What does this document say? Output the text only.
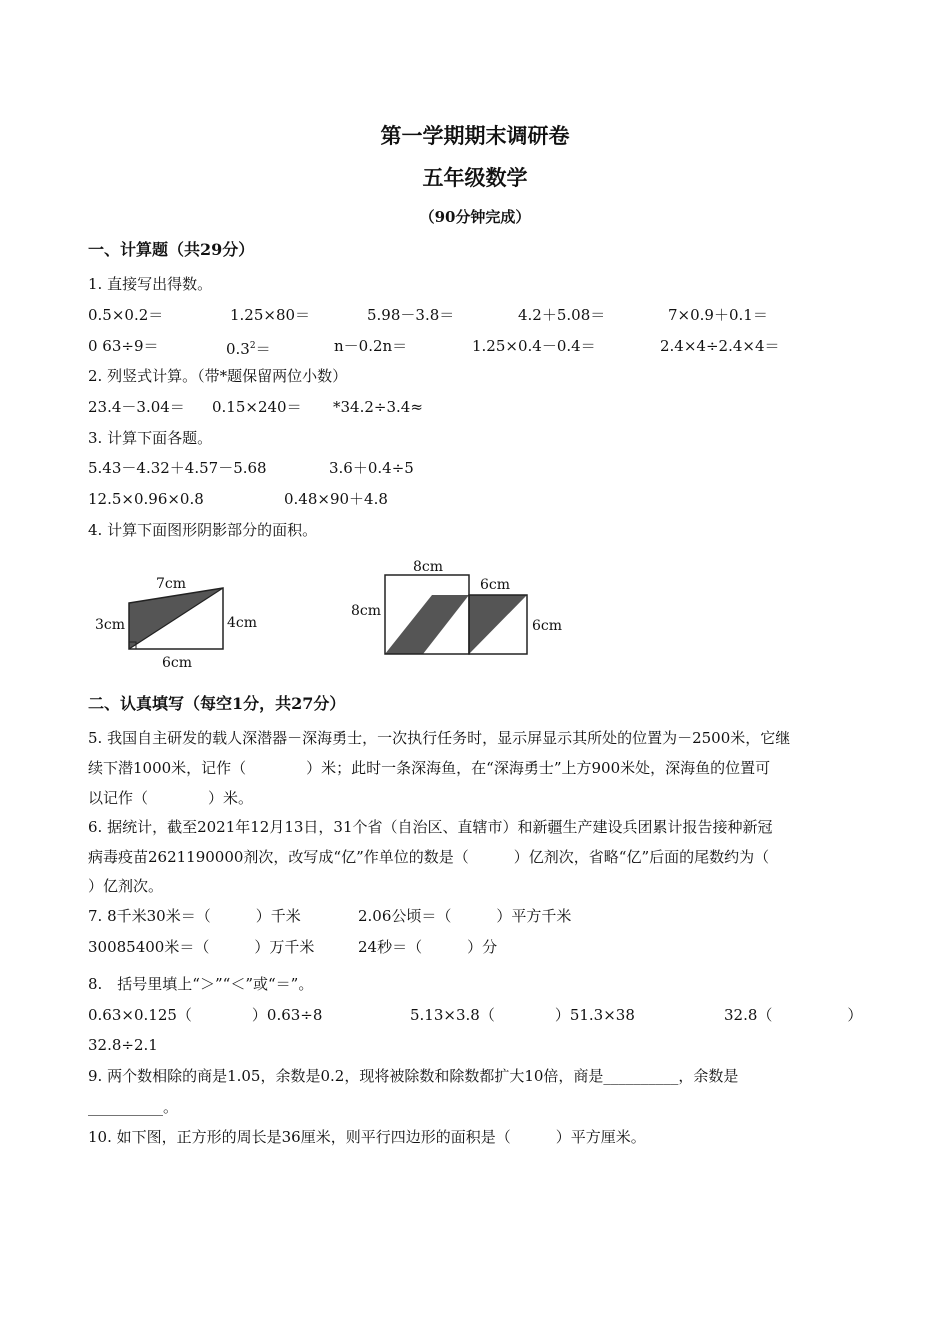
第一学期期末调研卷
五年级数学
（90分钟完成）
一、计算题（共29分）
1. 直接写出得数。
0.5×0.2＝	1.25×80＝	5.98－3.8＝	4.2＋5.08＝	7×0.9＋0.1＝
0 63÷9＝	$0.3^2=$	n－0.2n＝	1.25×0.4－0.4＝	2.4×4÷2.4×4＝
2. 列竖式计算。（带*题保留两位小数）
23.4－3.04＝ 0.15×240＝ *34.2÷3.4≈
3. 计算下面各题。
5.43－4.32＋4.57－5.68	3.6＋0.4÷5
12.5×0.96×0.8	0.48×90＋4.8
4. 计算下面图形阴影部分的面积。
7cm
3cm	4cm
6cm
8cm
8cm
6cm
6cm
二、认真填写（每空1分，共27分）
5. 我国自主研发的载人深潜器－深海勇士，一次执行任务时，显示屏显示其所处的位置为－2500米，它继
续下潜1000米，记作（　　　　）米；此时一条深海鱼，在“深海勇士”上方900米处，深海鱼的位置可
以记作（　　　　）米。
6. 据统计，截至2021年12月13日，31个省（自治区、直辖市）和新疆生产建设兵团累计报告接种新冠
病毒疫苗2621190000剂次，改写成“亿”作单位的数是（　　　）亿剂次，省略“亿”后面的尾数约为（
）亿剂次。
7. 8千米30米＝（　　　）千米	2.06公顷＝（　　　）平方千米
30085400米＝（　　　）万千米	24秒＝（　　　）分
8.　括号里填上“＞”“＜”或“＝”。
0.63×0.125（　　　　）0.63÷8	5.13×3.8（　　　　）51.3×38	32.8（　　　　　）
32.8÷2.1
9. 两个数相除的商是1.05，余数是0.2，现将被除数和除数都扩大10倍，商是__________，余数是
__________。
10. 如下图，正方形的周长是36厘米，则平行四边形的面积是（　　　）平方厘米。
